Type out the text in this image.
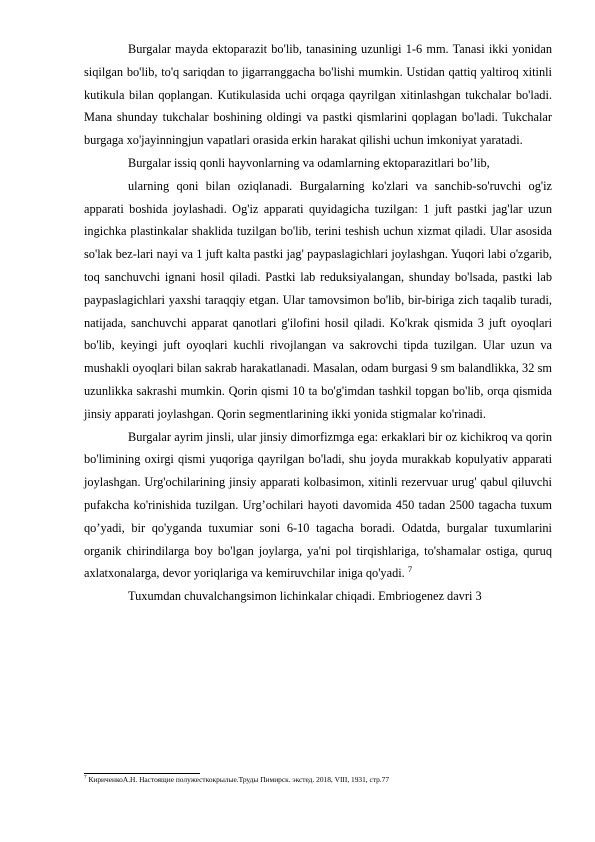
Burgalar mayda ektoparazit bo'lib, tanasining uzunligi 1-6 mm. Tanasi ikki yonidan siqilgan bo'lib, to'q sariqdan to jigarranggacha bo'lishi mumkin. Ustidan qattiq yaltiroq xitinli kutikula bilan qoplangan. Kutikulasida uchi orqaga qayrilgan xitinlashgan tukchalar bo'ladi. Mana shunday tukchalar boshining oldingi va pastki qismlarini qoplagan bo'ladi. Tukchalar burgaga xo'jayinningjun vapatlari orasida erkin harakat qilishi uchun imkoniyat yaratadi.

Burgalar issiq qonli hayvonlarning va odamlarning ektoparazitlari bo’lib,

ularning qoni bilan oziqlanadi. Burgalarning ko'zlari va sanchib-so'ruvchi og'iz apparati boshida joylashadi. Og'iz apparati quyidagicha tuzilgan: 1 juft pastki jag'lar uzun ingichka plastinkalar shaklida tuzilgan bo'lib, terini teshish uchun xizmat qiladi. Ular asosida so'lak bez-lari nayi va 1 juft kalta pastki jag' paypaslagichlari joylashgan. Yuqori labi o'zgarib, toq sanchuvchi ignani hosil qiladi. Pastki lab reduksiyalangan, shunday bo'lsada, pastki lab paypaslagichlari yaxshi taraqqiy etgan. Ular tamovsimon bo'lib, bir-biriga zich taqalib turadi, natijada, sanchuvchi apparat qanotlari g'ilofini hosil qiladi. Ko'krak qismida 3 juft oyoqlari bo'lib, keyingi juft oyoqlari kuchli rivojlangan va sakrovchi tipda tuzilgan. Ular uzun va mushakli oyoqlari bilan sakrab harakatlanadi. Masalan, odam burgasi 9 sm balandlikka, 32 sm uzunlikka sakrashi mumkin. Qorin qismi 10 ta bo'g'imdan tashkil topgan bo'lib, orqa qismida jinsiy apparati joylashgan. Qorin segmentlarining ikki yonida stigmalar ko'rinadi.

Burgalar ayrim jinsli, ular jinsiy dimorfizmga ega: erkaklari bir oz kichikroq va qorin bo'limining oxirgi qismi yuqoriga qayrilgan bo'ladi, shu joyda murakkab kopulyativ apparati joylashgan. Urg'ochilarining jinsiy apparati kolbasimon, xitinli rezervuar urug' qabul qiluvchi pufakcha ko'rinishida tuzilgan. Urg’ochilari hayoti davomida 450 tadan 2500 tagacha tuxum qo’yadi, bir qo'yganda tuxumiar soni 6-10 tagacha boradi. Odatda, burgalar tuxumlarini organik chirindilarga boy bo'lgan joylarga, ya'ni pol tirqishlariga, to'shamalar ostiga, quruq axlatxonalarga, devor yoriqlariga va kemiruvchilar iniga qo'yadi. $^7$

Tuxumdan chuvalchangsimon lichinkalar chiqadi. Embriogenez davri 3

$^7$ КириченкоА.Н. Настоящие полужесткокрылые.Труды Пимирск. экстед. 2018, VIII, 1931, стр.77
